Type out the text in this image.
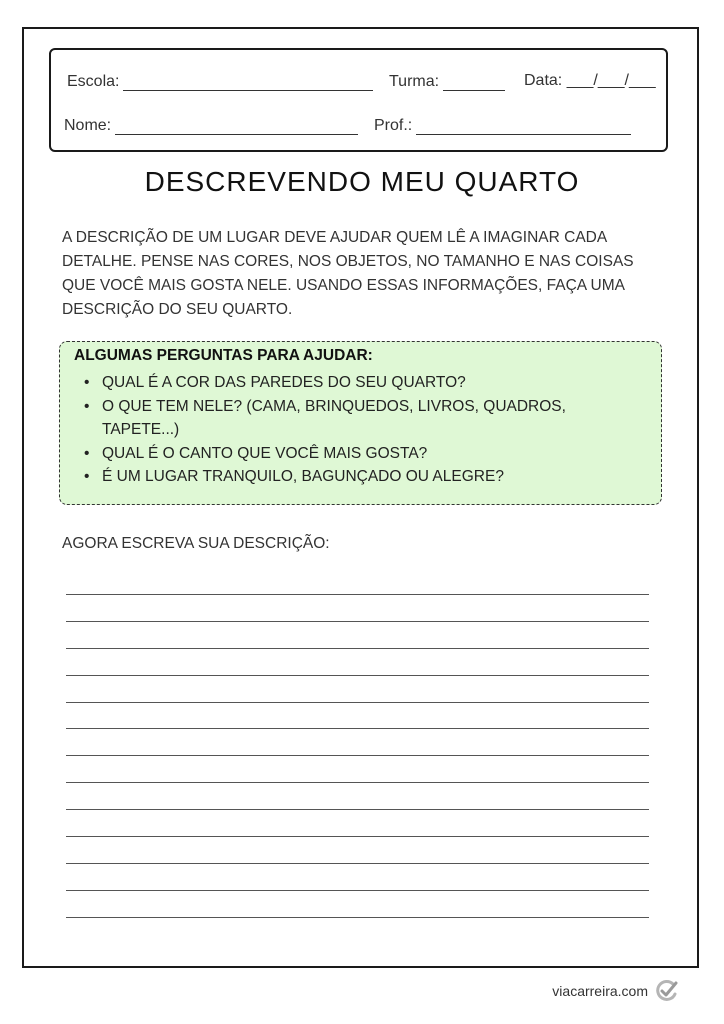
Escola:	Turma:	Data: ___/___/___
Nome:	Prof.:
DESCREVENDO MEU QUARTO
A DESCRIÇÃO DE UM LUGAR DEVE AJUDAR QUEM LÊ A IMAGINAR CADA DETALHE. PENSE NAS CORES, NOS OBJETOS, NO TAMANHO E NAS COISAS QUE VOCÊ MAIS GOSTA NELE. USANDO ESSAS INFORMAÇÕES, FAÇA UMA DESCRIÇÃO DO SEU QUARTO.
ALGUMAS PERGUNTAS PARA AJUDAR:
• QUAL É A COR DAS PAREDES DO SEU QUARTO?
• O QUE TEM NELE? (CAMA, BRINQUEDOS, LIVROS, QUADROS, TAPETE...)
• QUAL É O CANTO QUE VOCÊ MAIS GOSTA?
• É UM LUGAR TRANQUILO, BAGUNÇADO OU ALEGRE?
AGORA ESCREVA SUA DESCRIÇÃO:
viacarreira.com
